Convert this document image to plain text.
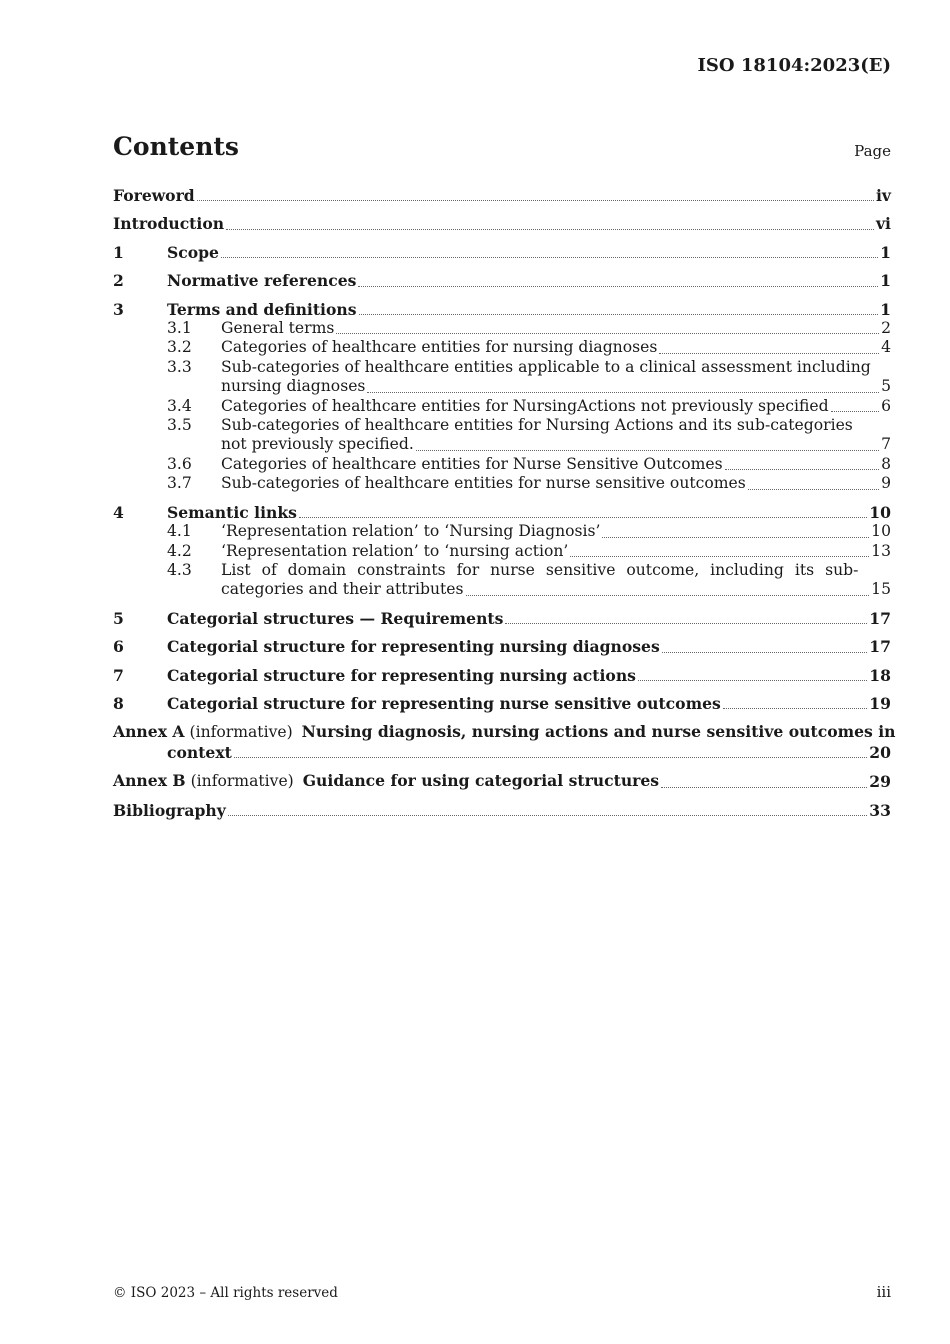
ISO 18104:2023(E)
Contents	Page
Foreword	iv
Introduction	vi
1	Scope	1
2	Normative references	1
3	Terms and definitions	1
3.1 General terms	2
3.2 Categories of healthcare entities for nursing diagnoses	4
3.3 Sub-categories of healthcare entities applicable to a clinical assessment including
nursing diagnoses	5
3.4 Categories of healthcare entities for NursingActions not previously specified	6
3.5 Sub-categories of healthcare entities for Nursing Actions and its sub-categories
not previously specified.	7
3.6 Categories of healthcare entities for Nurse Sensitive Outcomes	8
3.7 Sub-categories of healthcare entities for nurse sensitive outcomes	9
4	Semantic links	10
4.1 ‘Representation relation’ to ‘Nursing Diagnosis’	10
4.2 ‘Representation relation’ to ‘nursing action’	13
4.3 List of domain constraints for nurse sensitive outcome, including its sub-
categories and their attributes	15
5	Categorial structures — Requirements	17
6	Categorial structure for representing nursing diagnoses	17
7	Categorial structure for representing nursing actions	18
8	Categorial structure for representing nurse sensitive outcomes	19
Annex A (informative) Nursing diagnosis, nursing actions and nurse sensitive outcomes in
context	20
Annex B (informative) Guidance for using categorial structures	29
Bibliography	33
© ISO 2023 – All rights reserved	iii
